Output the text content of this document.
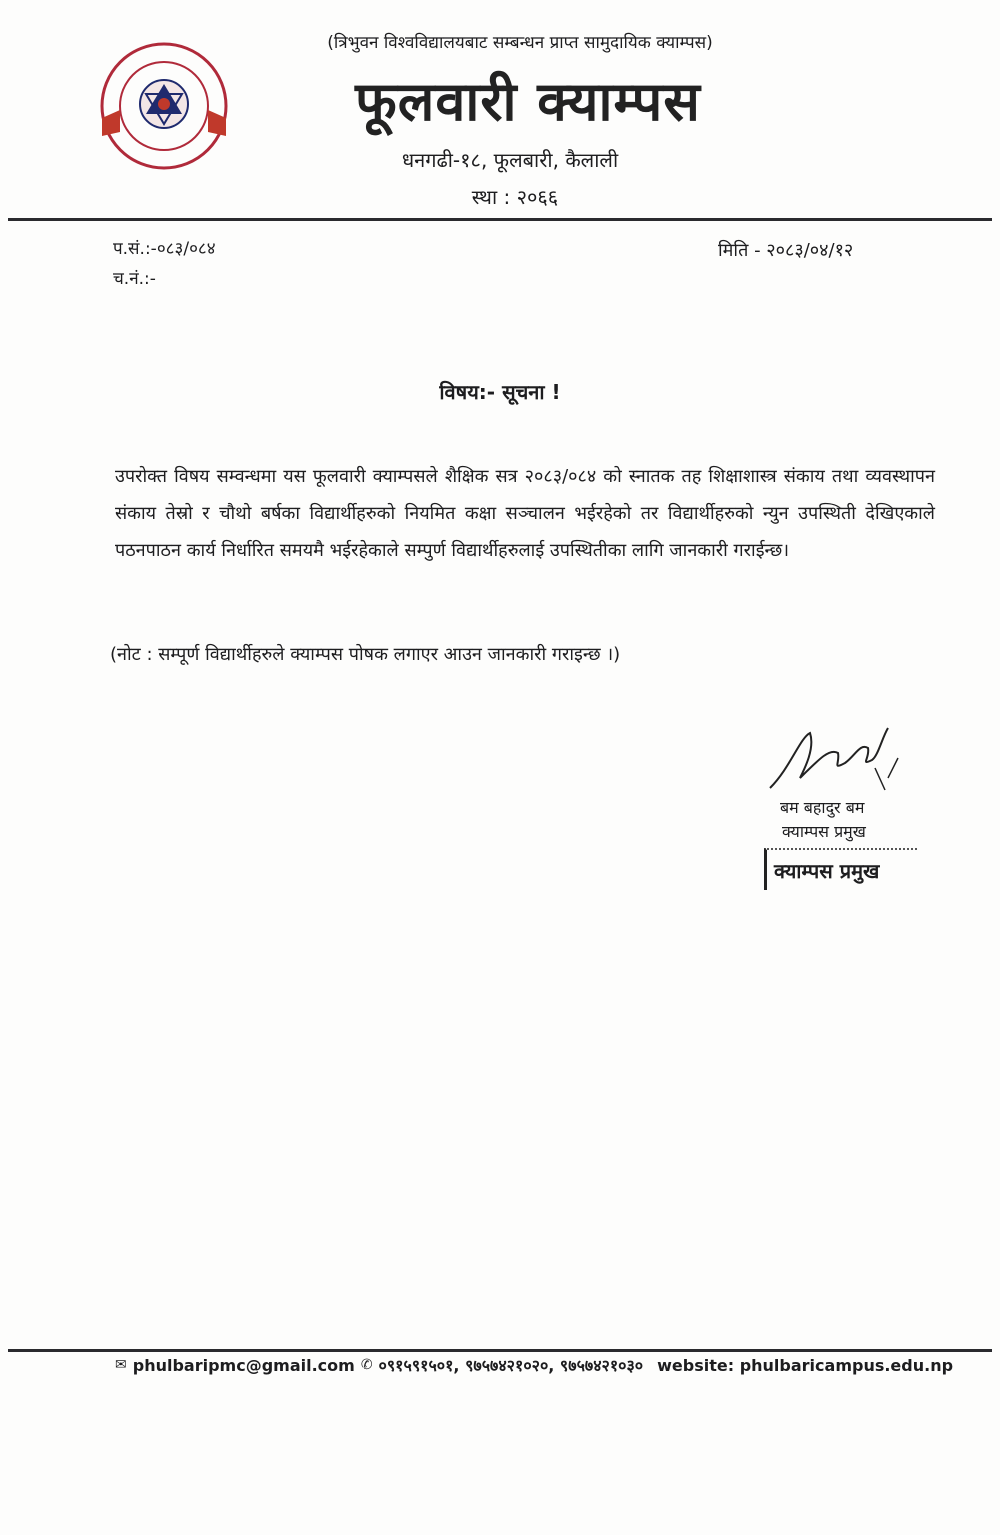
(त्रिभुवन विश्वविद्यालयबाट सम्बन्धन प्राप्त सामुदायिक क्याम्पस)
फूलवारी क्याम्पस
धनगढी-१८, फूलबारी, कैलाली
स्था : २०६६
प.सं.:-०८३/०८४
च.नं.:-
मिति - २०८३/०४/१२
विषय:- सूचना !
उपरोक्त विषय सम्वन्धमा यस फूलवारी क्याम्पसले शैक्षिक सत्र २०८३/०८४ को स्नातक तह शिक्षाशास्त्र संकाय तथा व्यवस्थापन संकाय तेस्रो र चौथो बर्षका विद्यार्थीहरुको नियमित कक्षा सञ्चालन भईरहेको तर विद्यार्थीहरुको न्युन उपस्थिती देखिएकाले पठनपाठन कार्य निर्धारित समयमै भईरहेकाले सम्पुर्ण विद्यार्थीहरुलाई उपस्थितीका लागि जानकारी गराईन्छ।
(नोट : सम्पूर्ण विद्यार्थीहरुले क्याम्पस पोषक लगाएर आउन जानकारी गराइन्छ ।)
बम बहादुर बम
क्याम्पस प्रमुख
क्याम्पस प्रमुख
✉ phulbaripmc@gmail.com ✆ ०९१५९१५०१, ९७५७४२१०२०, ९७५७४२१०३० website: phulbaricampus.edu.np
